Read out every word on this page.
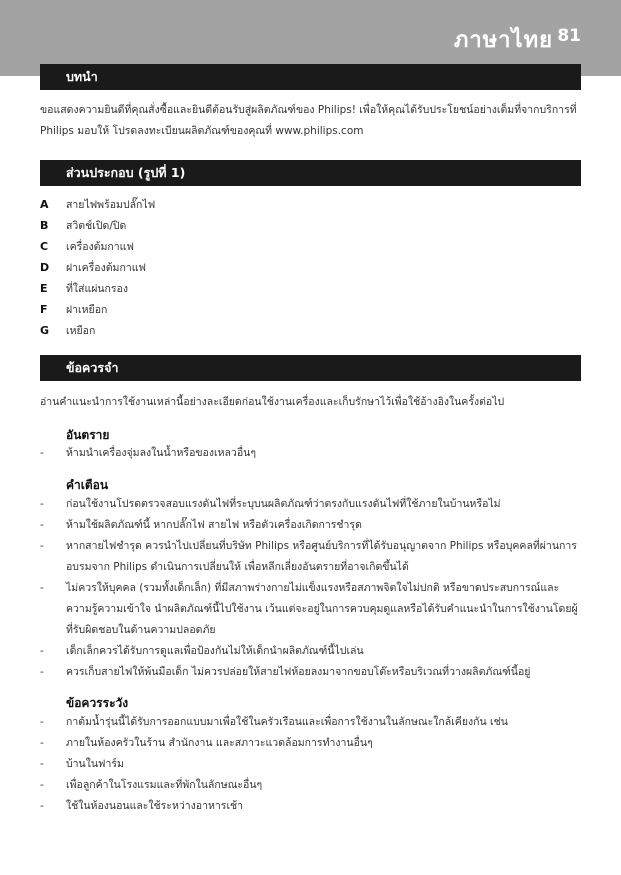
ภาษาไทย 81
บทนำ

ขอแสดงความยินดีที่คุณสั่งซื้อและยินดีต้อนรับสู่ผลิตภัณฑ์ของ Philips! เพื่อให้คุณได้รับประโยชน์อย่างเต็มที่จากบริการที่ Philips มอบให้ โปรดลงทะเบียนผลิตภัณฑ์ของคุณที่ www.philips.com

ส่วนประกอบ (รูปที่ 1)
A	สายไฟพร้อมปลั๊กไฟ
B	สวิตช์เปิด/ปิด
C	เครื่องต้มกาแฟ
D	ฝาเครื่องต้มกาแฟ
E	ที่ใส่แผ่นกรอง
F	ฝาเหยือก
G	เหยือก
ข้อควรจำ

อ่านคำแนะนำการใช้งานเหล่านี้อย่างละเอียดก่อนใช้งานเครื่องและเก็บรักษาไว้เพื่อใช้อ้างอิงในครั้งต่อไป

อันตราย
-	ห้ามนำเครื่องจุ่มลงในน้ำหรือของเหลวอื่นๆ
คำเตือน
-	ก่อนใช้งานโปรดตรวจสอบแรงดันไฟที่ระบุบนผลิตภัณฑ์ว่าตรงกับแรงดันไฟที่ใช้ภายในบ้านหรือไม่
-	ห้ามใช้ผลิตภัณฑ์นี้ หากปลั๊กไฟ สายไฟ หรือตัวเครื่องเกิดการชำรุด
-	หากสายไฟชำรุด ควรนำไปเปลี่ยนที่บริษัท Philips หรือศูนย์บริการที่ได้รับอนุญาตจาก Philips หรือบุคคลที่ผ่านการอบรมจาก Philips ดำเนินการเปลี่ยนให้ เพื่อหลีกเลี่ยงอันตรายที่อาจเกิดขึ้นได้
-	ไม่ควรให้บุคคล (รวมทั้งเด็กเล็ก) ที่มีสภาพร่างกายไม่แข็งแรงหรือสภาพจิตใจไม่ปกติ หรือขาดประสบการณ์และความรู้ความเข้าใจ นำผลิตภัณฑ์นี้ไปใช้งาน เว้นแต่จะอยู่ในการควบคุมดูแลหรือได้รับคำแนะนำในการใช้งานโดยผู้ที่รับผิดชอบในด้านความปลอดภัย
-	เด็กเล็กควรได้รับการดูแลเพื่อป้องกันไม่ให้เด็กนำผลิตภัณฑ์นี้ไปเล่น
-	ควรเก็บสายไฟให้พ้นมือเด็ก ไม่ควรปล่อยให้สายไฟห้อยลงมาจากขอบโต๊ะหรือบริเวณที่วางผลิตภัณฑ์นี้อยู่
ข้อควรระวัง
-	กาต้มน้ำรุ่นนี้ได้รับการออกแบบมาเพื่อใช้ในครัวเรือนและเพื่อการใช้งานในลักษณะใกล้เคียงกัน เช่น
-	ภายในห้องครัวในร้าน สำนักงาน และสภาวะแวดล้อมการทำงานอื่นๆ
-	บ้านในฟาร์ม
-	เพื่อลูกค้าในโรงแรมและที่พักในลักษณะอื่นๆ
-	ใช้ในห้องนอนและใช้ระหว่างอาหารเช้า
